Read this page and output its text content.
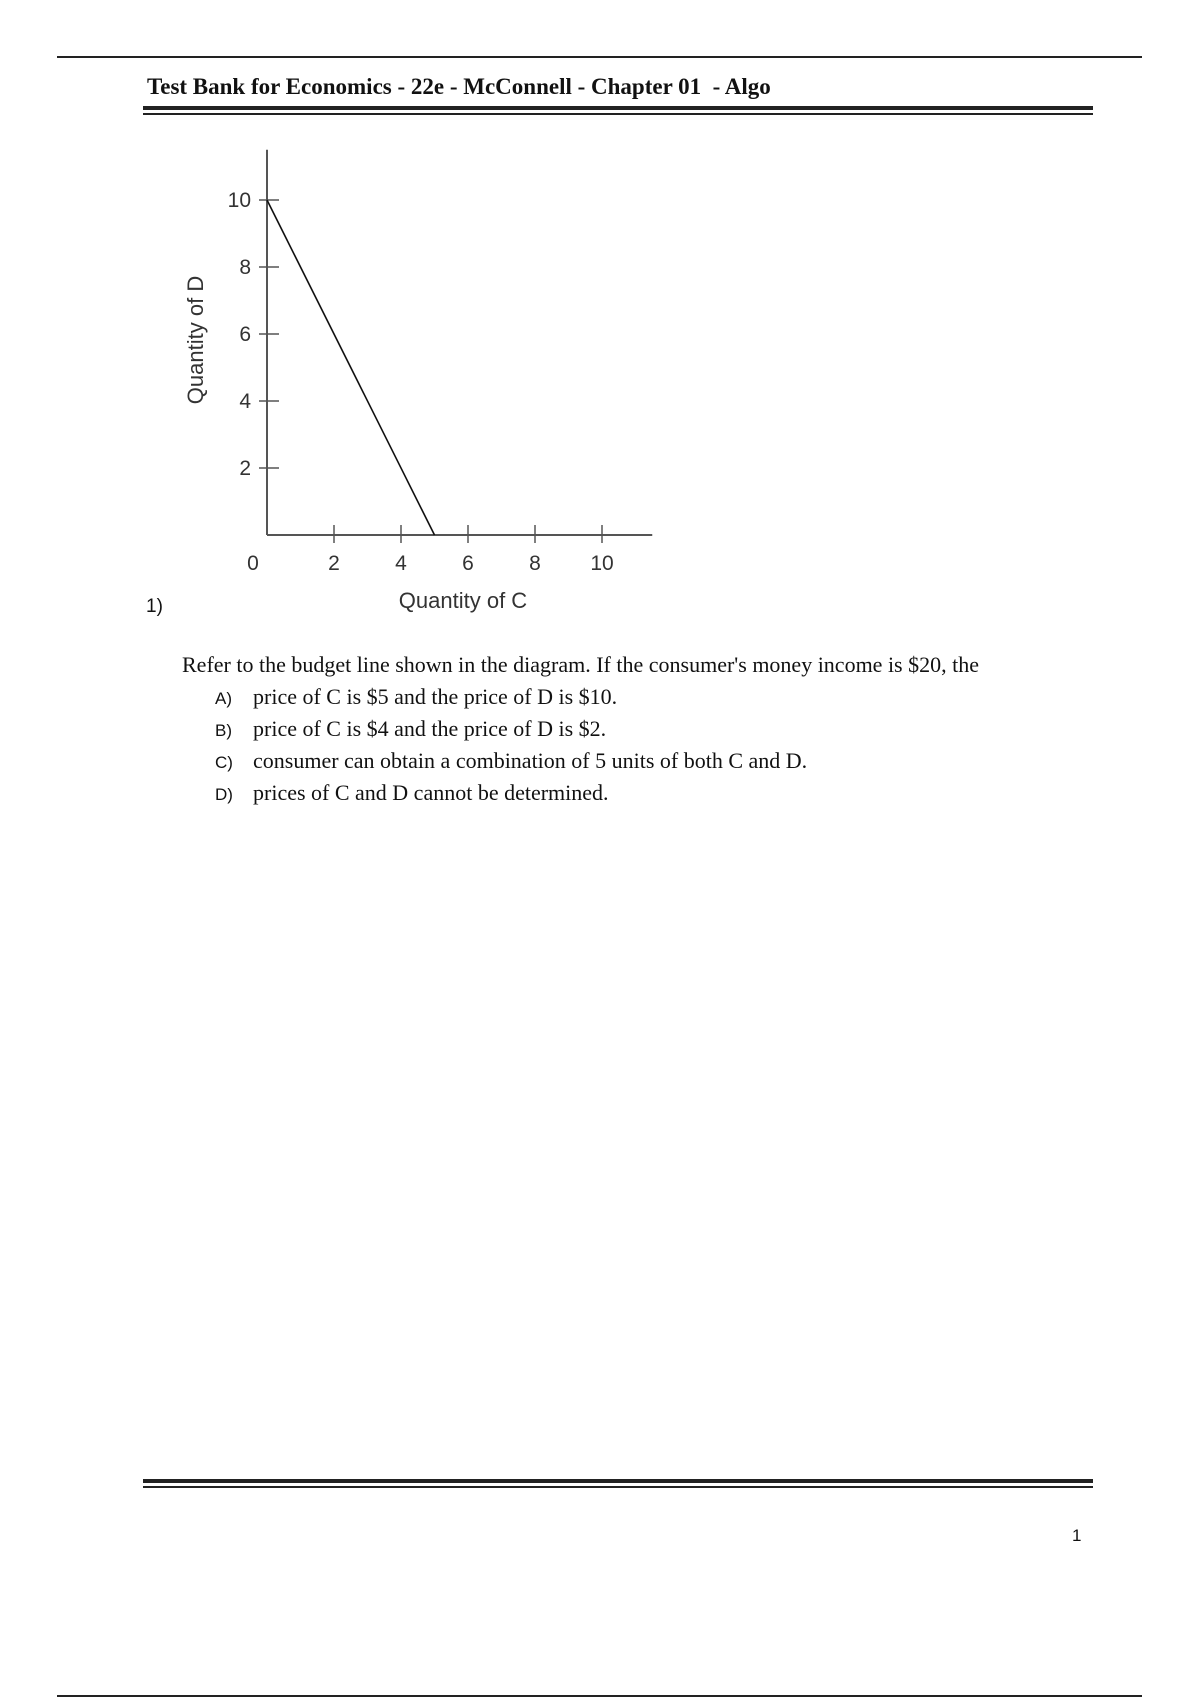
Test Bank for Economics - 22e - McConnell - Chapter 01  - Algo
Quantity of D
Quantity of C
0	2	4	6	8 10
2
4
6
8
10
1)
Refer to the budget line shown in the diagram. If the consumer's money income is $20, the
A) price of C is $5 and the price of D is $10.
B) price of C is $4 and the price of D is $2.
C) consumer can obtain a combination of 5 units of both C and D.
D) prices of C and D cannot be determined.
1
